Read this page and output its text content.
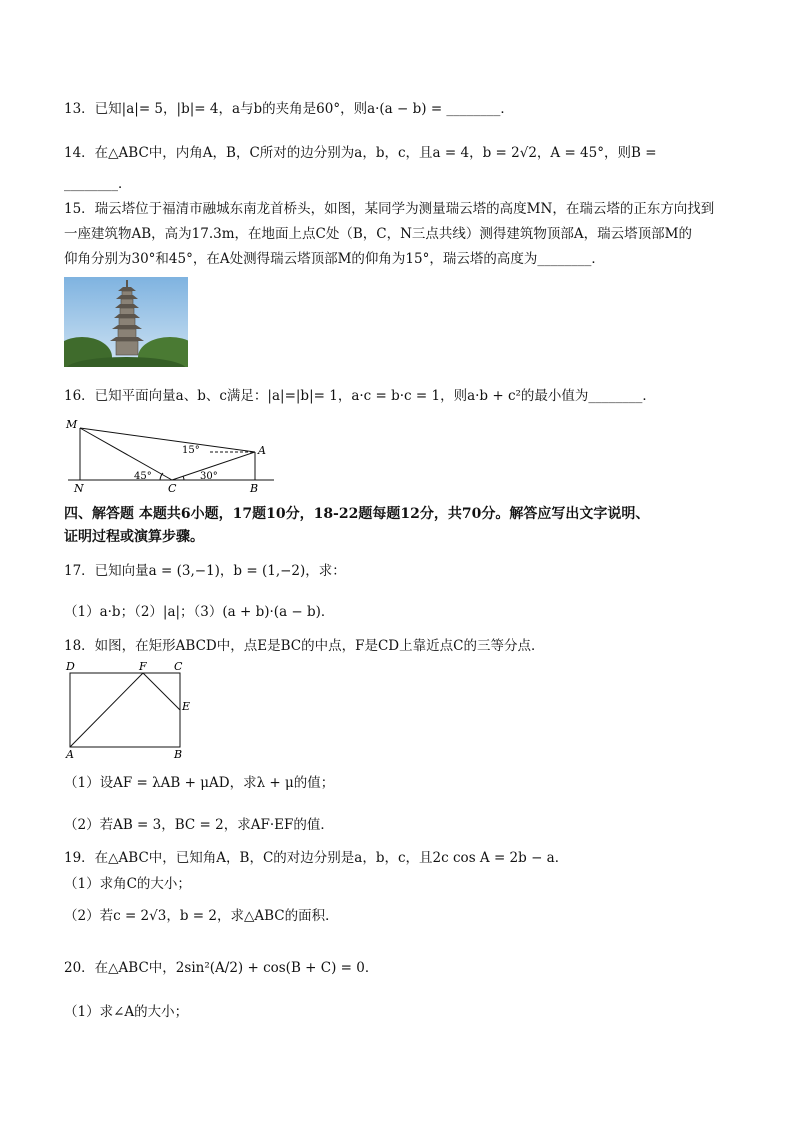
13．已知|a|= 5，|b|= 4，a与b的夹角是60°，则a·(a − b) = ________．
14．在△ABC中，内角A，B，C所对的边分别为a，b，c，且a = 4，b = 2√2，A = 45°，则B =
________．
15．瑞云塔位于福清市融城东南龙首桥头，如图，某同学为测量瑞云塔的高度MN，在瑞云塔的正东方向找到
一座建筑物AB，高为17.3m，在地面上点C处（B，C，N三点共线）测得建筑物顶部A，瑞云塔顶部M的
仰角分别为30°和45°，在A处测得瑞云塔顶部M的仰角为15°，瑞云塔的高度为________．
16．已知平面向量a、b、c满足：|a|=|b|= 1，a·c = b·c = 1，则a·b + c²的最小值为________．
M
N	C	B
A
15°
45°	30°
四、解答题 本题共6小题，17题10分，18-22题每题12分，共70分。解答应写出文字说明、
证明过程或演算步骤。
17．已知向量a = (3,−1)，b = (1,−2)，求：
（1）a·b；（2）|a|；（3）(a + b)·(a − b)．
18．如图，在矩形ABCD中，点E是BC的中点，F是CD上靠近点C的三等分点．
D	F C
E
A	B
（1）设AF = λAB + μAD，求λ + μ的值；
（2）若AB = 3，BC = 2，求AF·EF的值．
19．在△ABC中，已知角A，B，C的对边分别是a，b，c，且2c cos A = 2b − a．
（1）求角C的大小；
（2）若c = 2√3，b = 2，求△ABC的面积．
20．在△ABC中，2sin²(A/2) + cos(B + C) = 0．
（1）求∠A的大小；
